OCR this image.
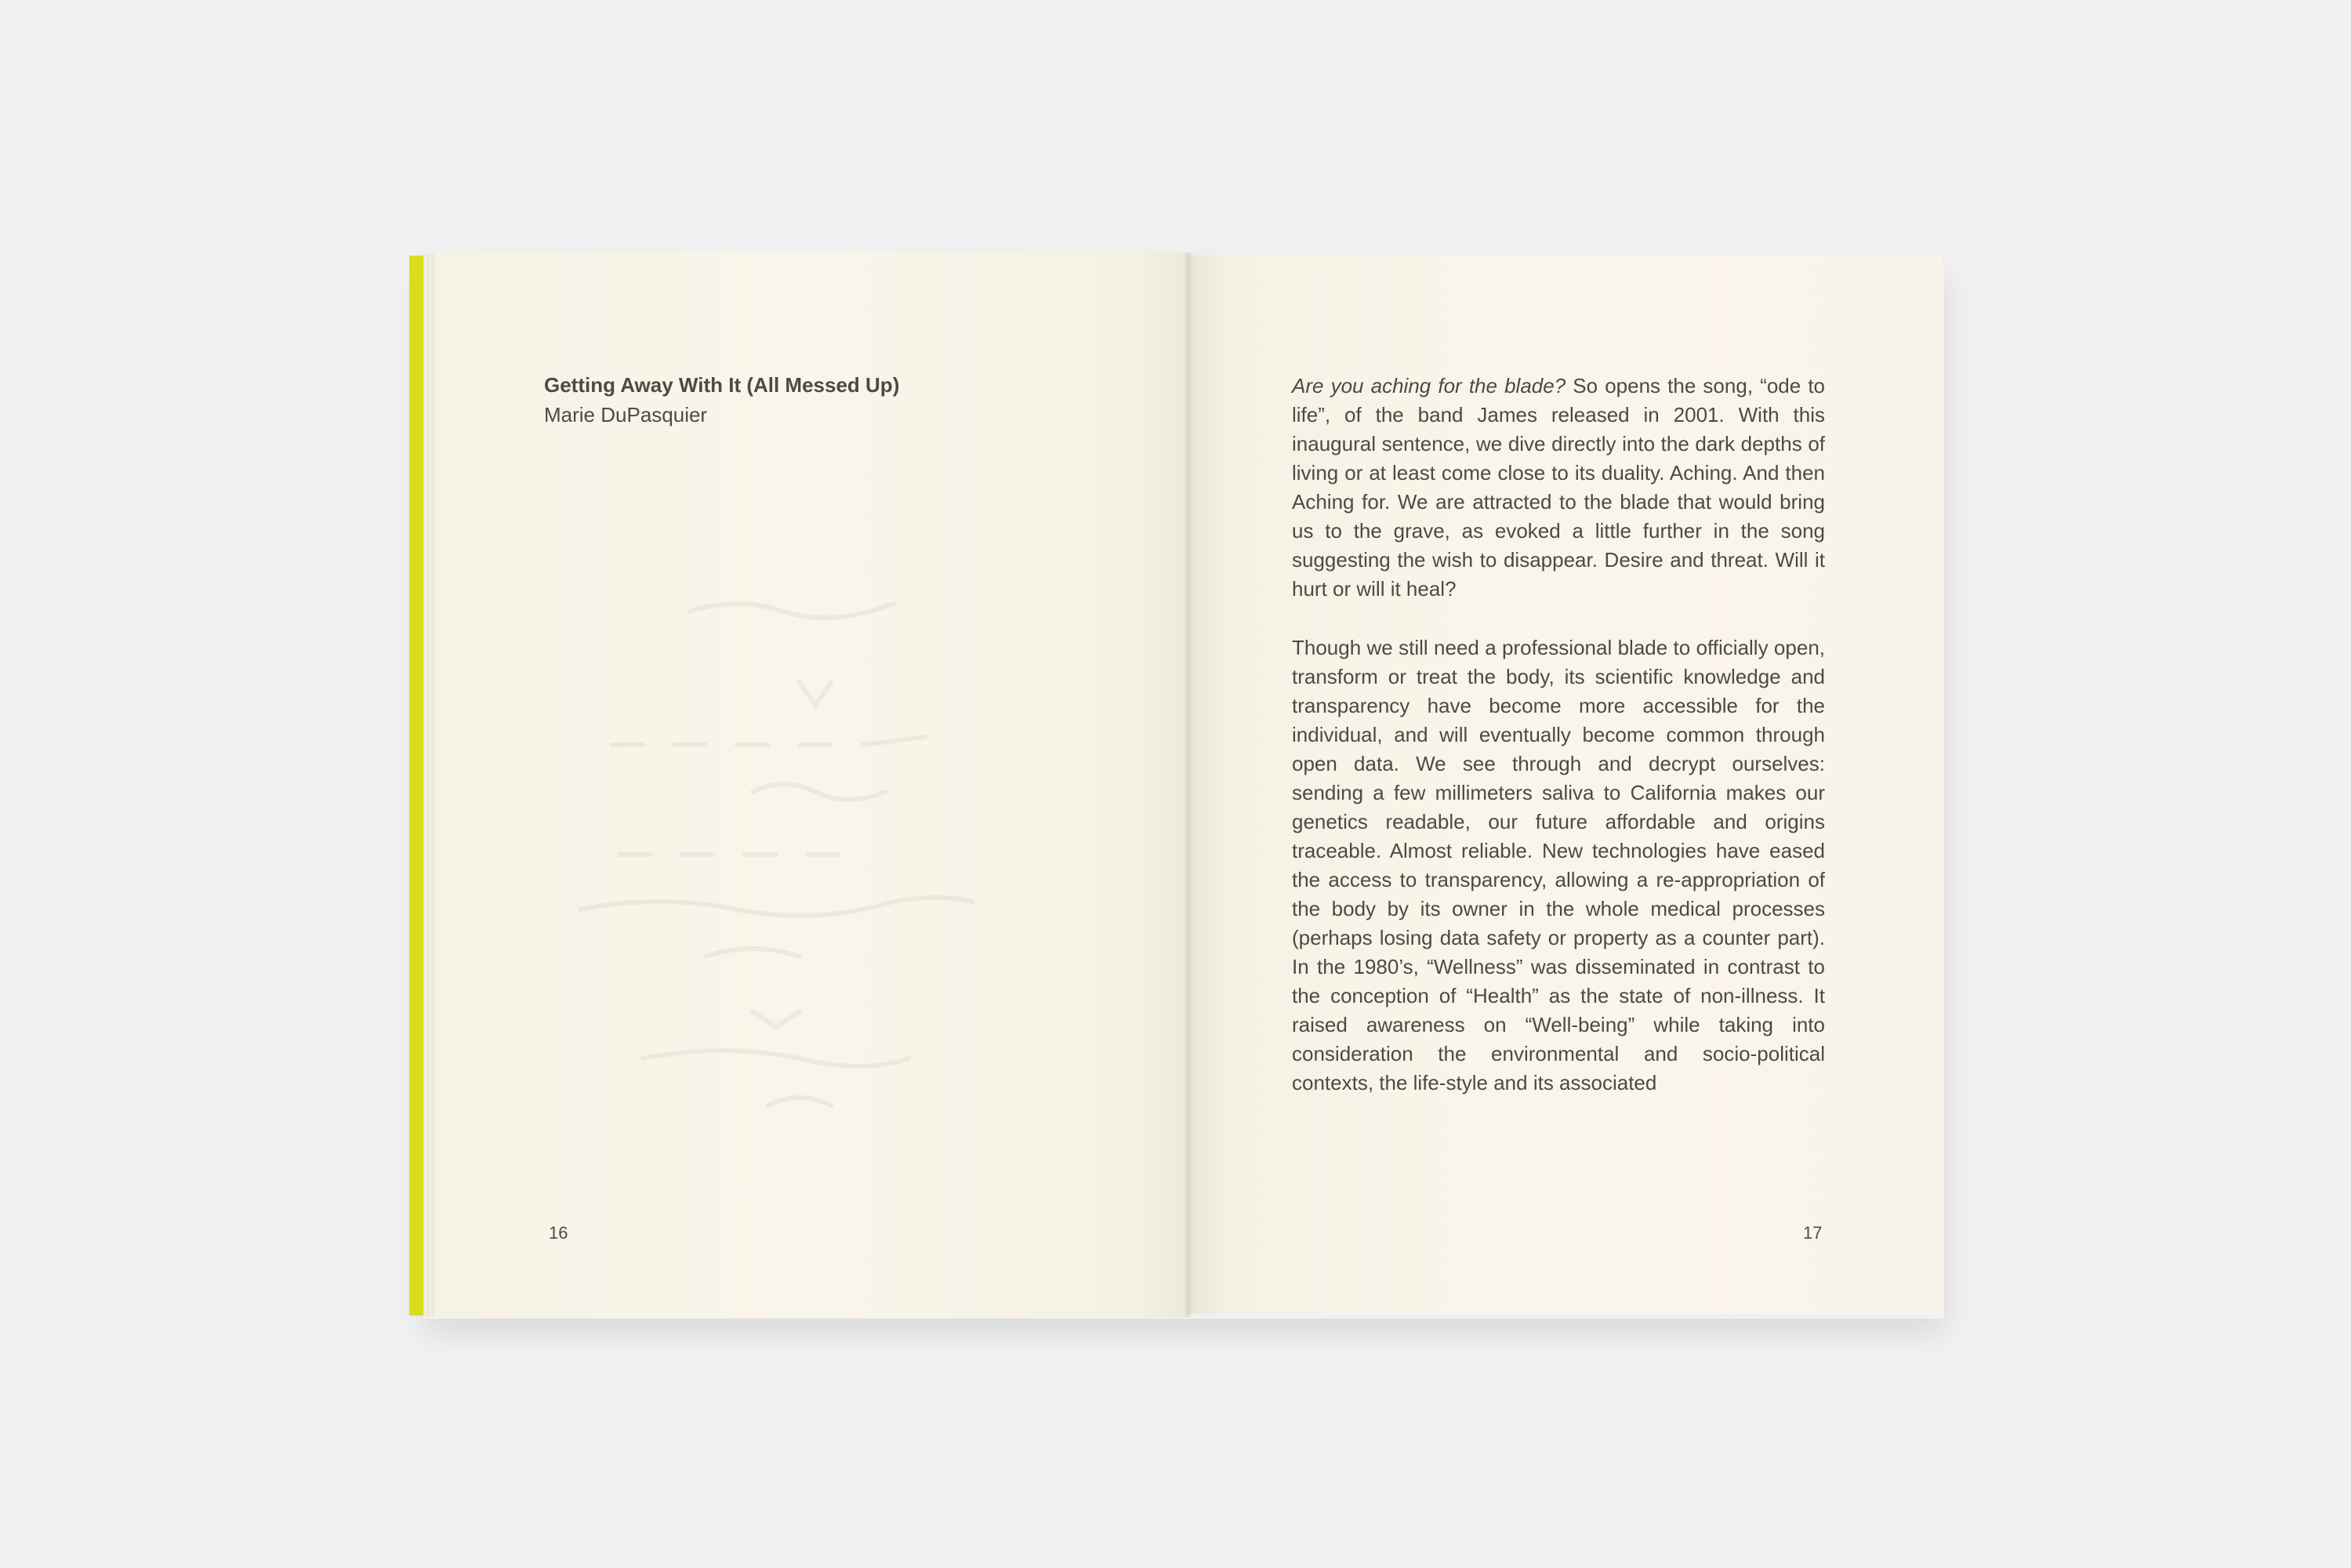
Getting Away With It (All Messed Up)
Marie DuPasquier
16
Are you aching for the blade? So opens the song, “ode to life”, of the band James released in 2001. With this inaugural sentence, we dive directly into the dark depths of living or at least come close to its duality. Aching. And then Aching for. We are attracted to the blade that would bring us to the grave, as evoked a little further in the song suggesting the wish to disappear. Desire and threat. Will it hurt or will it heal?
Though we still need a professional blade to officially open, transform or treat the body, its scientific knowledge and transparency have become more accessible for the individual, and will eventually become common through open data. We see through and decrypt ourselves: sending a few millimeters saliva to California makes our genetics readable, our future affordable and origins traceable. Almost reliable. New technologies have eased the access to transparency, allowing a re-appropriation of the body by its owner in the whole medical processes (perhaps losing data safety or property as a counter part). In the 1980’s, “Wellness” was disseminated in contrast to the conception of “Health” as the state of non-illness. It raised awareness on “Well-being” while taking into consideration the environmental and socio-political contexts, the life-style and its associated
17
